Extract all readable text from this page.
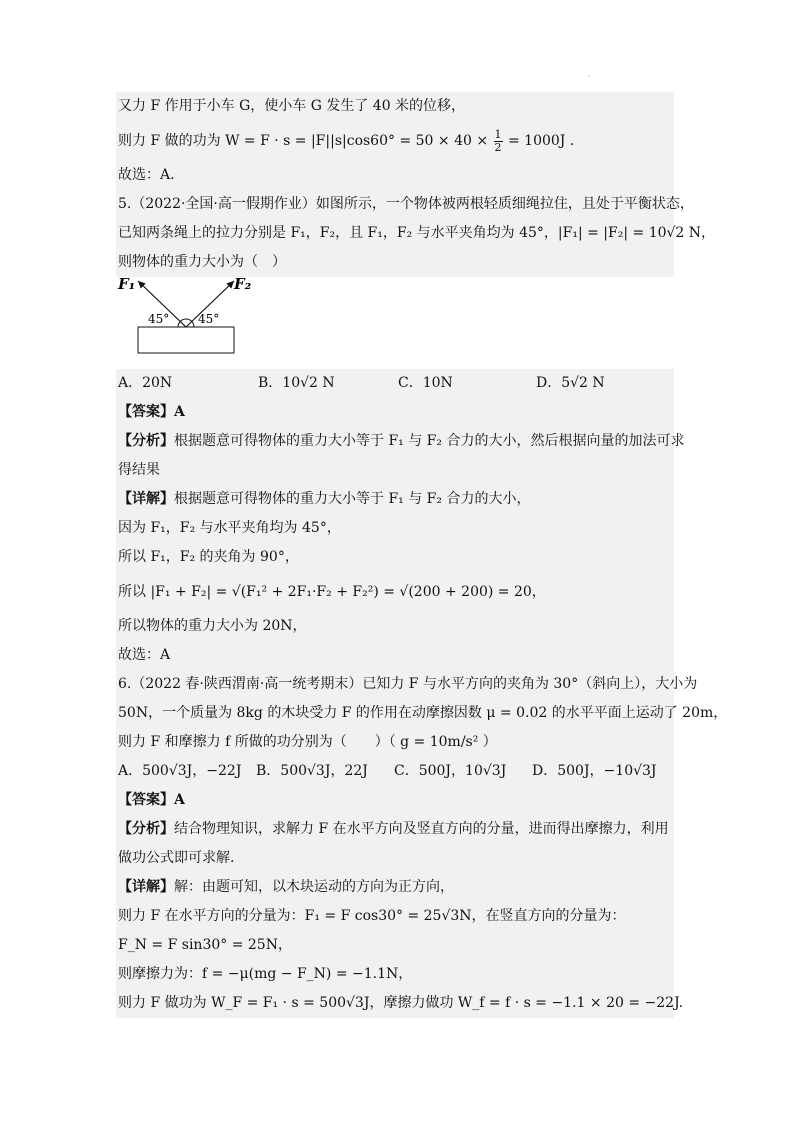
·
又力 F 作用于小车 G，使小车 G 发生了 40 米的位移，
则力 F 做的功为 $W = F \cdot s = |F||s|\cos 60^\circ = 50 \times 40 \times \frac{1}{2} = 1000J$ .
故选：A.
5.（2022·全国·高一假期作业）如图所示，一个物体被两根轻质细绳拉住，且处于平衡状态，
已知两条绳上的拉力分别是 F₁，F₂，且 F₁，F₂ 与水平夹角均为 45°，|F₁| = |F₂| = 10√2 N，
则物体的重力大小为（　）
F₁	F₂
45° 45°
A．20N	B．10√2 N	C．10N	D．5√2 N
【答案】A
【分析】根据题意可得物体的重力大小等于 F₁ 与 F₂ 合力的大小，然后根据向量的加法可求
得结果
【详解】根据题意可得物体的重力大小等于 F₁ 与 F₂ 合力的大小，
因为 F₁，F₂ 与水平夹角均为 45°，
所以 F₁，F₂ 的夹角为 90°，
所以 |F₁ + F₂| = √(F₁² + 2F₁·F₂ + F₂²) = √(200 + 200) = 20，
所以物体的重力大小为 20N，
故选：A
6.（2022 春·陕西渭南·高一统考期末）已知力 F 与水平方向的夹角为 30°（斜向上），大小为
50N，一个质量为 8kg 的木块受力 F 的作用在动摩擦因数 μ = 0.02 的水平平面上运动了 20m，
则力 F 和摩擦力 f 所做的功分别为（　　）（ g = 10m/s² ）
A．500√3J，−22J	B．500√3J，22J	C．500J，10√3J	D．500J，−10√3J
【答案】A
【分析】结合物理知识，求解力 F 在水平方向及竖直方向的分量，进而得出摩擦力，利用
做功公式即可求解.
【详解】解：由题可知，以木块运动的方向为正方向，
则力 F 在水平方向的分量为：F₁ = F cos30° = 25√3N，在竖直方向的分量为：
F_N = F sin30° = 25N，
则摩擦力为：f = −μ(mg − F_N) = −1.1N，
则力 F 做功为 W_F = F₁ · s = 500√3J，摩擦力做功 W_f = f · s = −1.1 × 20 = −22J.
